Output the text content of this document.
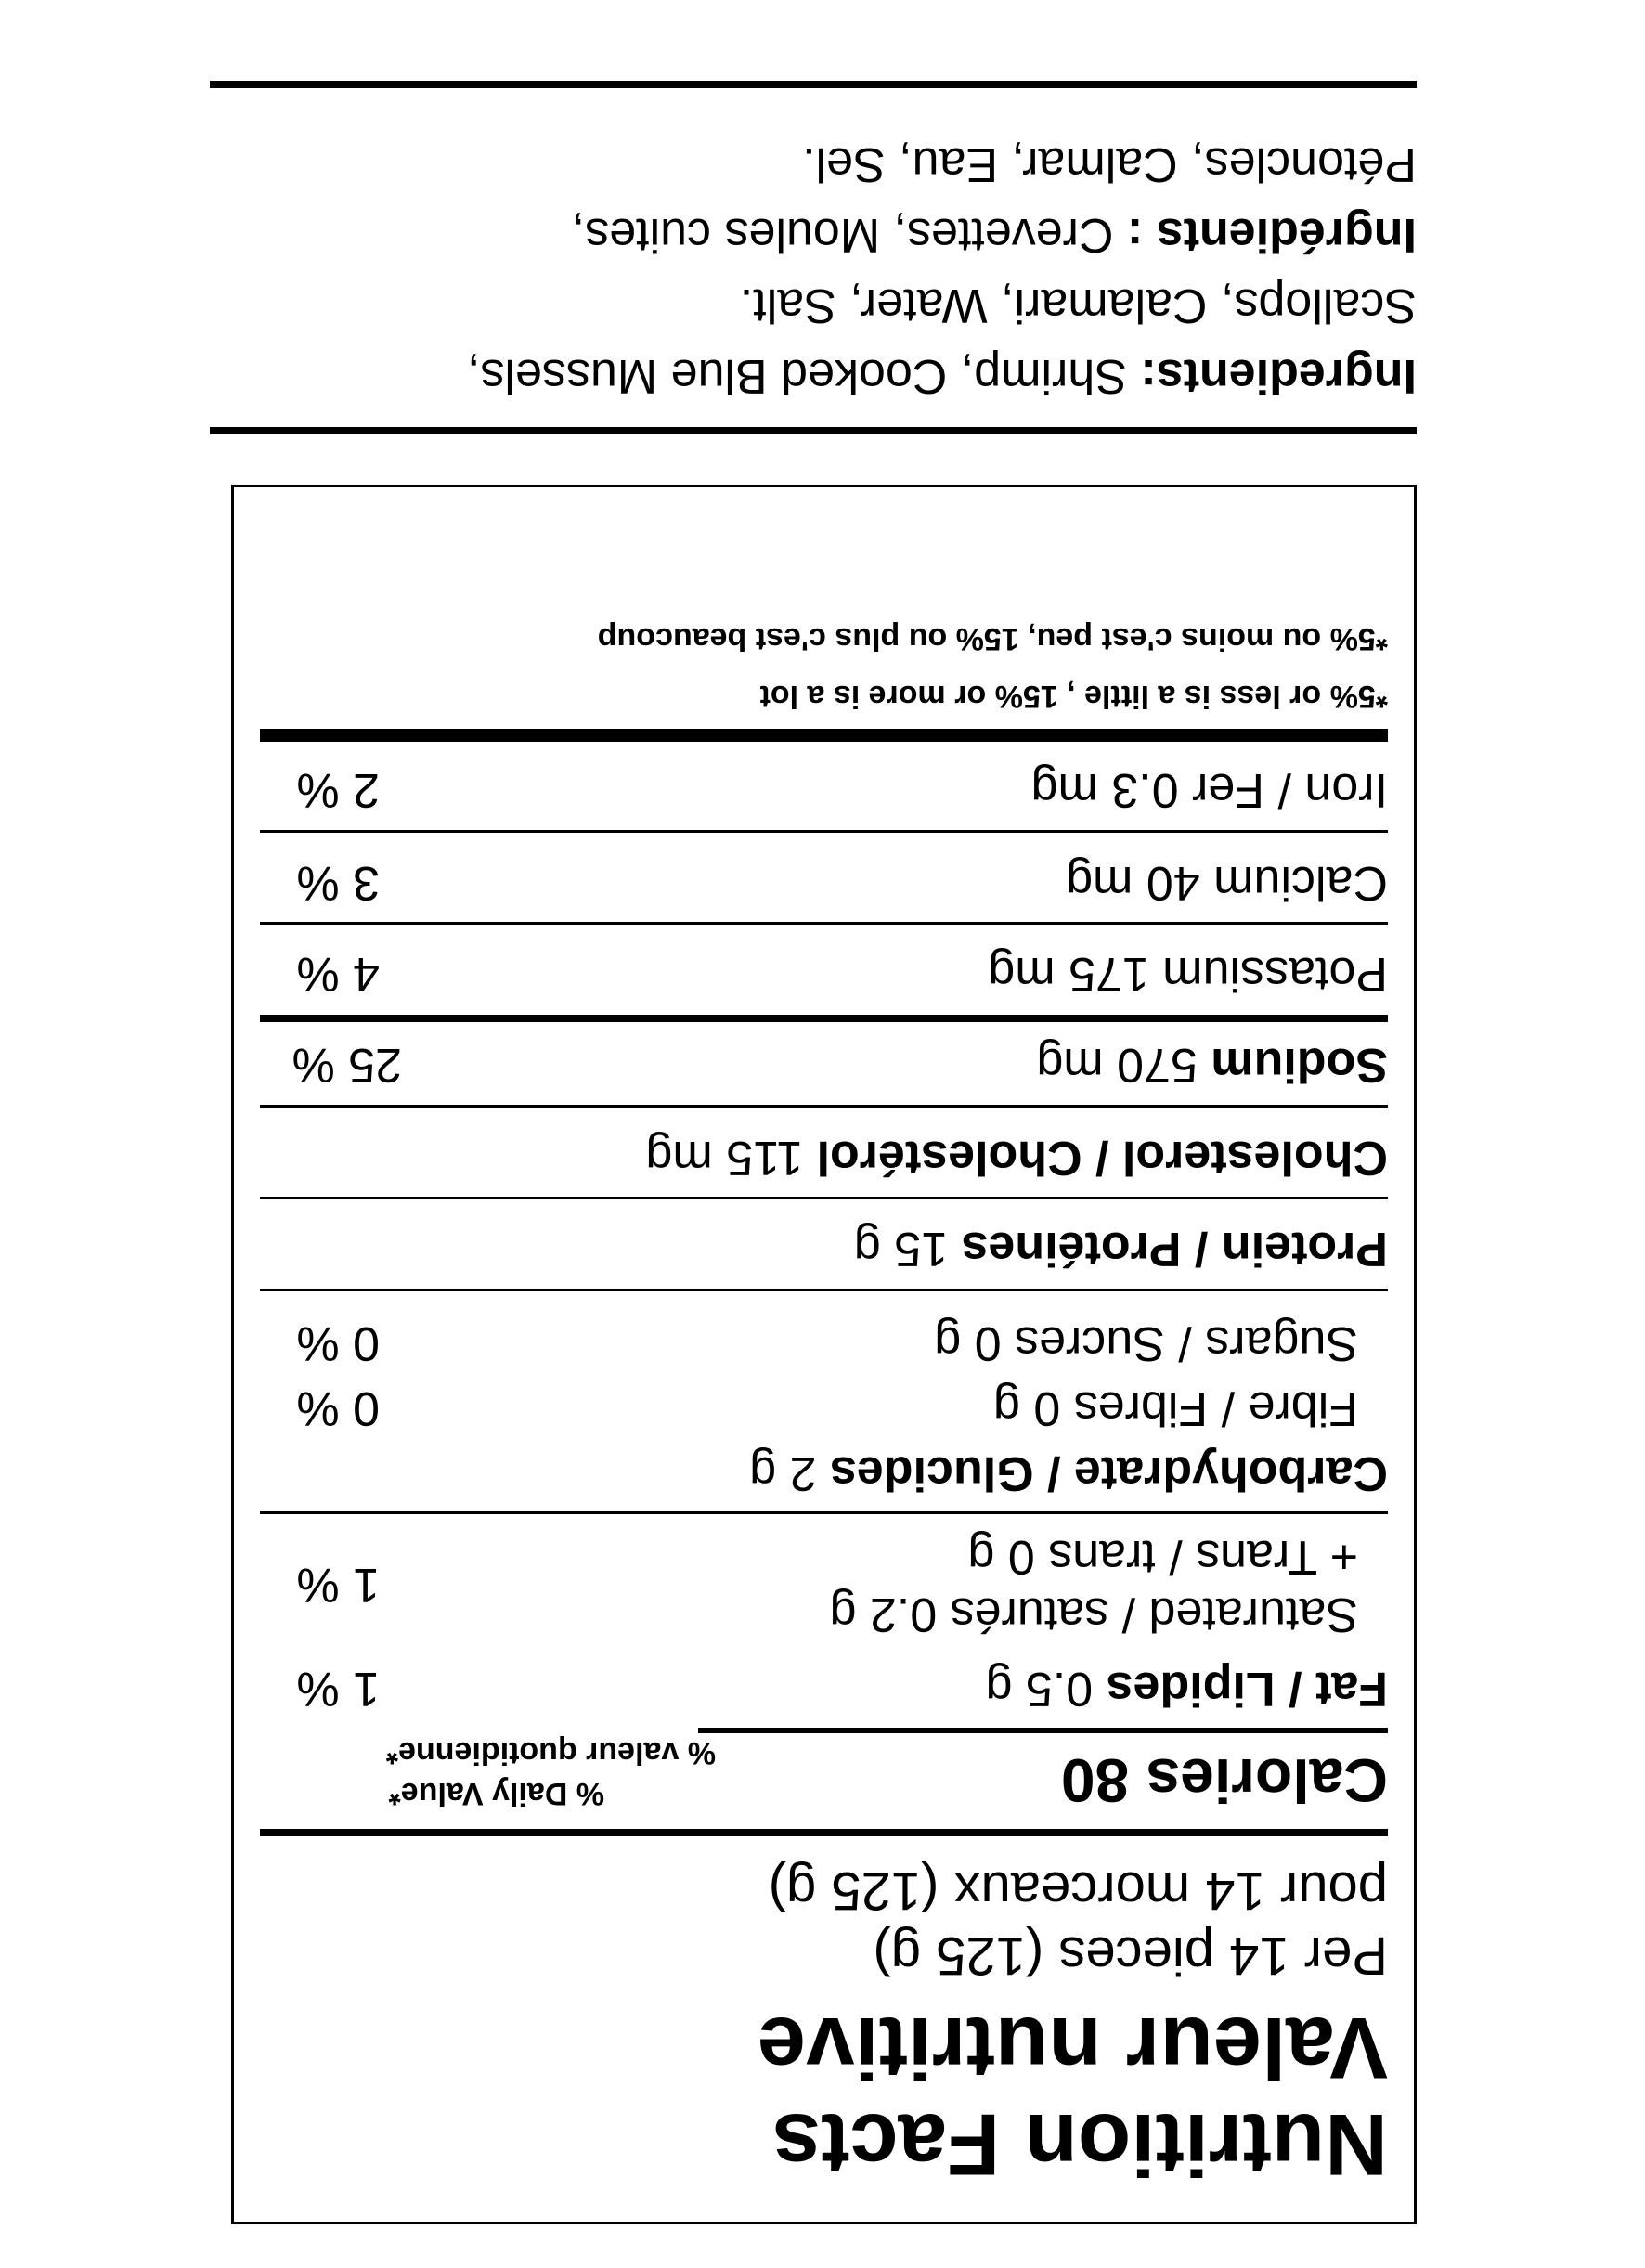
Nutrition Facts
Valeur nutritive
Per 14 pieces (125 g)
pour 14 morceaux (125 g)
Calories 80
% Daily Value*
% valeur quotidienne*
Fat / Lipides 0.5 g
1 %
Saturated / saturés 0.2 g
+ Trans / trans 0 g
1 %
Carbohydrate / Glucides 2 g
Fibre / Fibres 0 g
0 %
Sugars / Sucres 0 g
0 %
Protein / Protéines 15 g
Cholesterol / Cholestérol 115 mg
Sodium 570 mg
25 %
Potassium 175 mg
4 %
Calcium 40 mg
3 %
Iron / Fer 0.3 mg
2 %
*5% or less is a little , 15% or more is a lot
*5% ou moins c'est peu, 15% ou plus c'est beaucoup
Ingredients: Shrimp, Cooked Blue Mussels,
Scallops, Calamari, Water, Salt.
Ingrédients : Crevettes, Moules cuites,
Pétoncles, Calmar, Eau, Sel.
